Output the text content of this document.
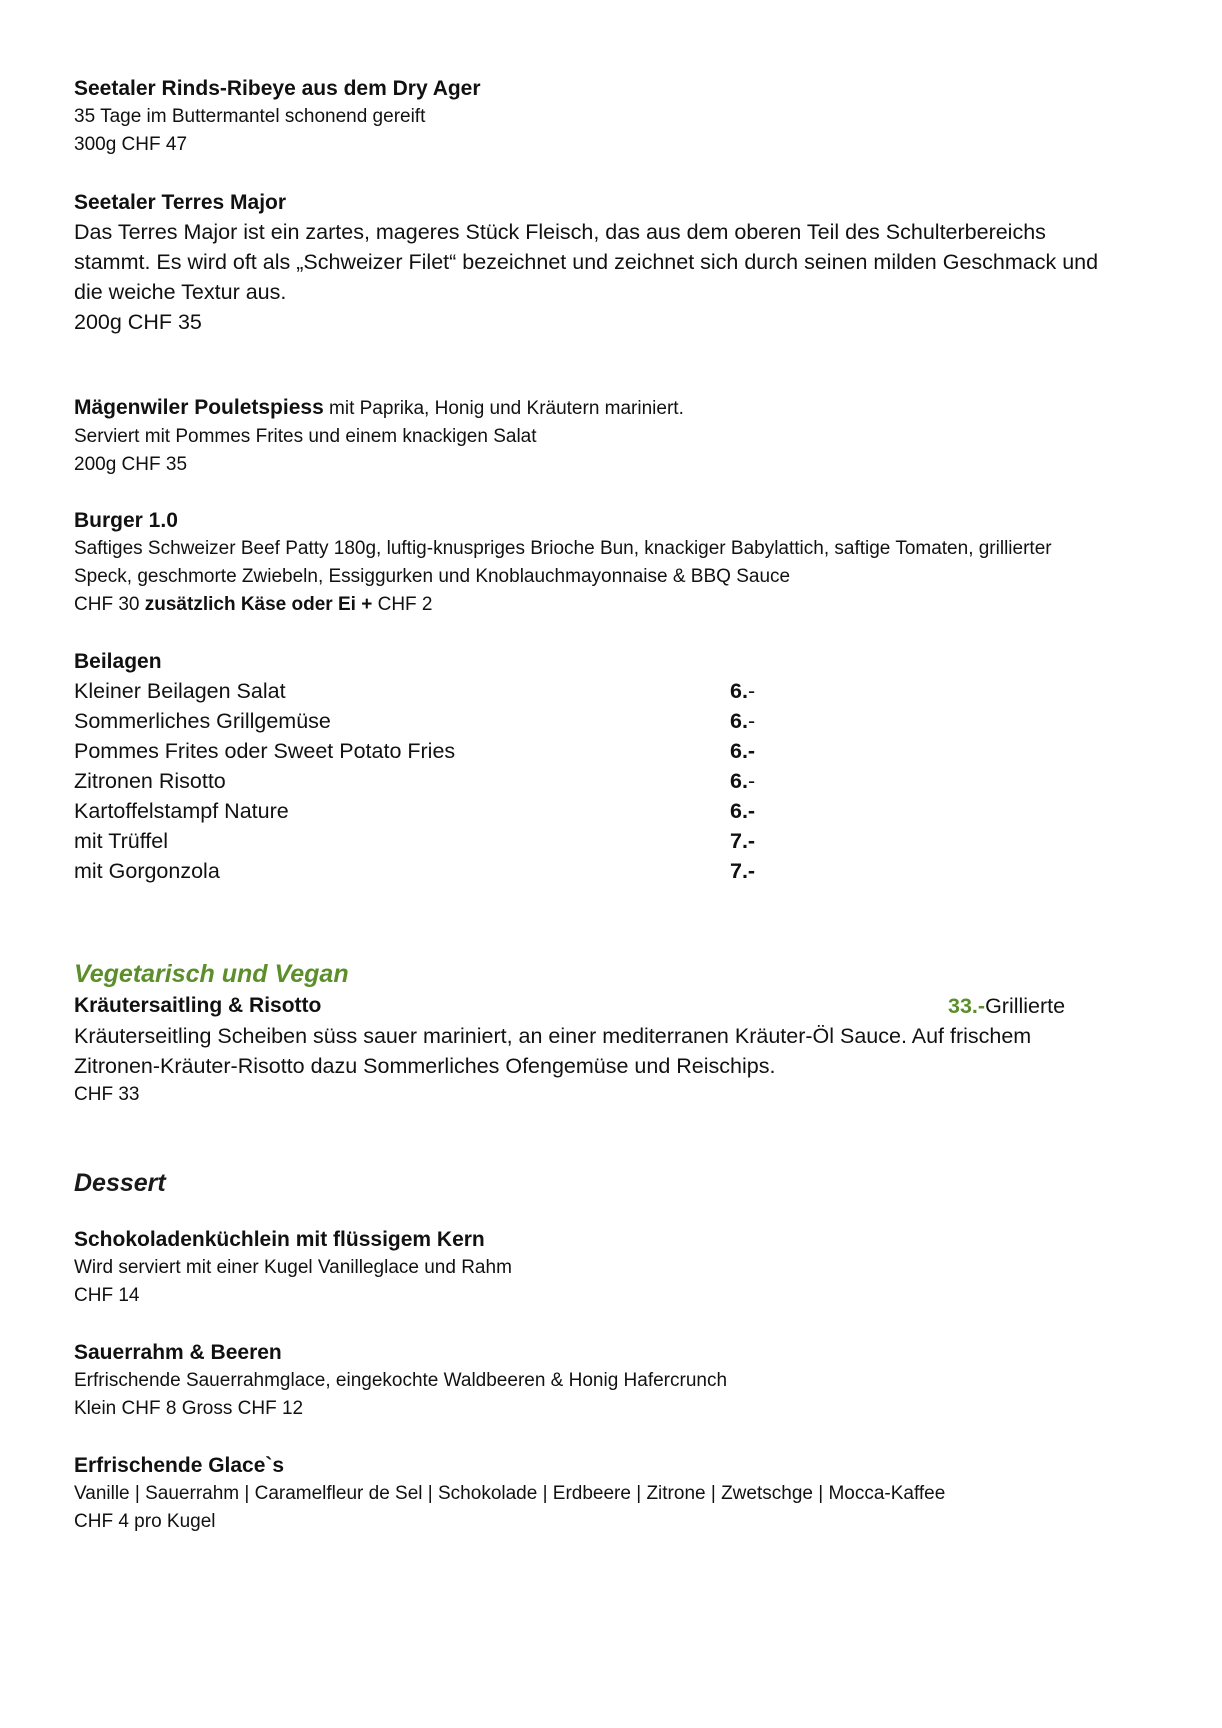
Seetaler Rinds-Ribeye aus dem Dry Ager
35 Tage im Buttermantel schonend gereift
300g CHF 47
Seetaler Terres Major
Das Terres Major ist ein zartes, mageres Stück Fleisch, das aus dem oberen Teil des Schulterbereichs
stammt. Es wird oft als „Schweizer Filet“ bezeichnet und zeichnet sich durch seinen milden Geschmack und
die weiche Textur aus.
200g CHF 35
Mägenwiler Pouletspiess mit Paprika, Honig und Kräutern mariniert.
Serviert mit Pommes Frites und einem knackigen Salat
200g CHF 35
Burger 1.0
Saftiges Schweizer Beef Patty 180g, luftig-knuspriges Brioche Bun, knackiger Babylattich, saftige Tomaten, grillierter
Speck, geschmorte Zwiebeln, Essiggurken und Knoblauchmayonnaise & BBQ Sauce
CHF 30 zusätzlich Käse oder Ei + CHF 2
Beilagen
Kleiner Beilagen Salat	6.-
Sommerliches Grillgemüse	6.-
Pommes Frites oder Sweet Potato Fries	6.-
Zitronen Risotto	6.-
Kartoffelstampf Nature	6.-
mit Trüffel	7.-
mit Gorgonzola	7.-
Vegetarisch und Vegan
Kräutersaitling & Risotto	33.-Grillierte
Kräuterseitling Scheiben süss sauer mariniert, an einer mediterranen Kräuter-Öl Sauce. Auf frischem
Zitronen-Kräuter-Risotto dazu Sommerliches Ofengemüse und Reischips.
CHF 33
Dessert
Schokoladenküchlein mit flüssigem Kern
Wird serviert mit einer Kugel Vanilleglace und Rahm
CHF 14
Sauerrahm & Beeren
Erfrischende Sauerrahmglace, eingekochte Waldbeeren & Honig Hafercrunch
Klein CHF 8 Gross CHF 12
Erfrischende Glace`s
Vanille | Sauerrahm | Caramelfleur de Sel | Schokolade | Erdbeere | Zitrone | Zwetschge | Mocca-Kaffee
CHF 4 pro Kugel
